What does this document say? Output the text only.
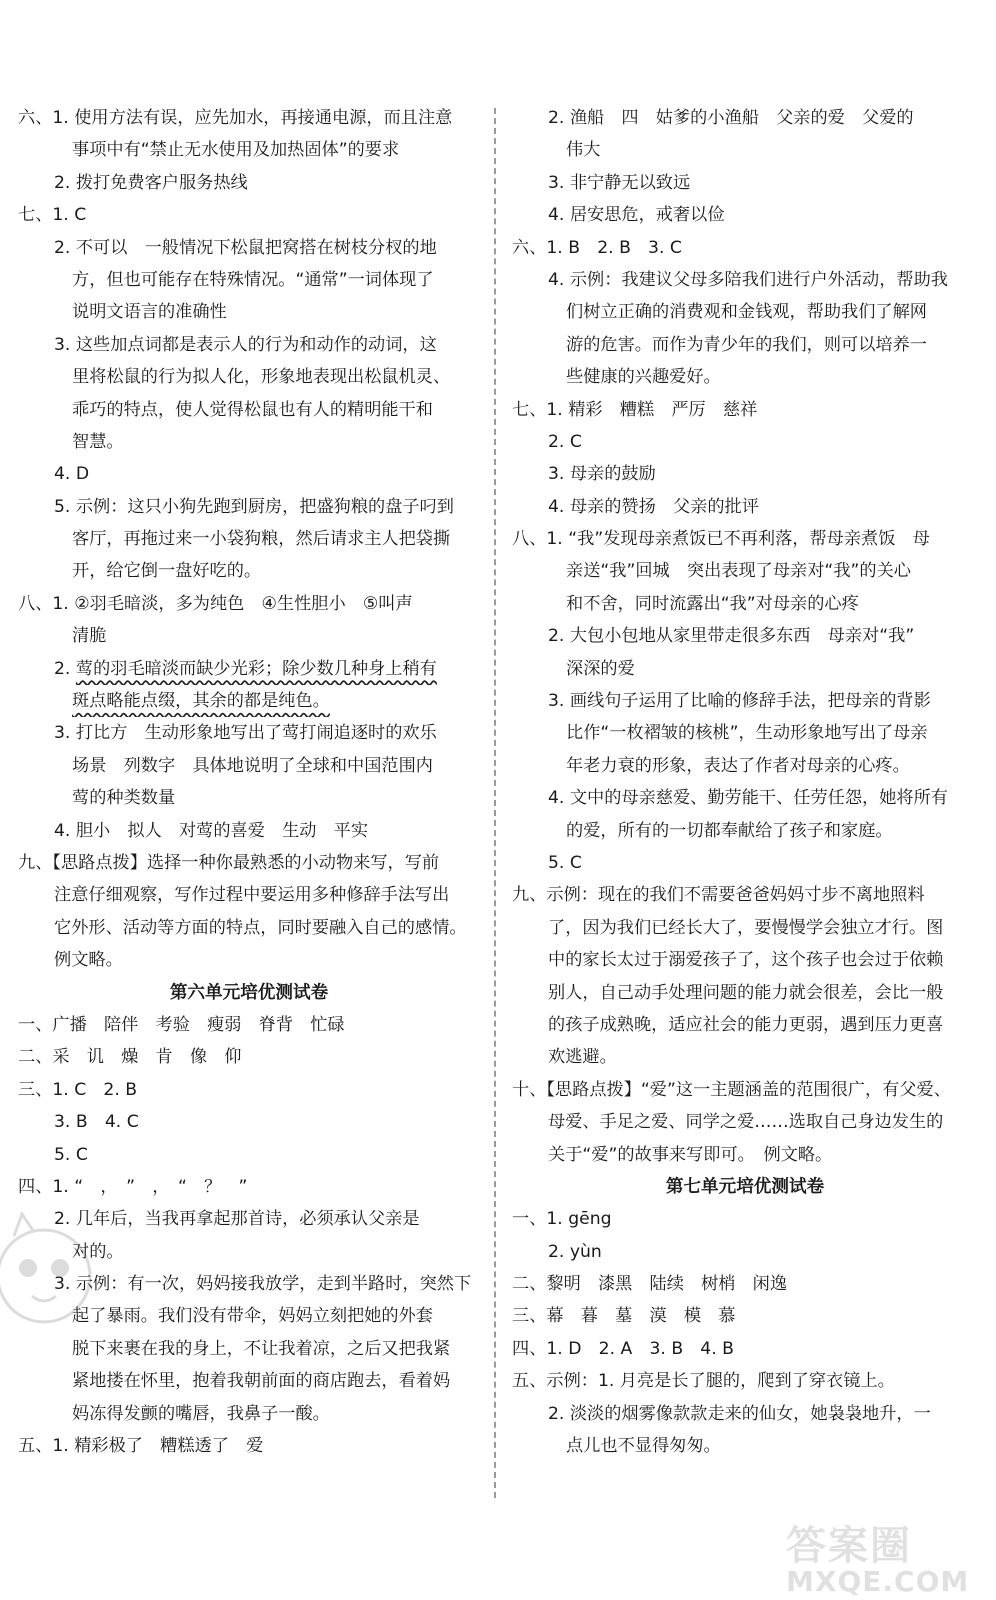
六、1. 使用方法有误，应先加水，再接通电源，而且注意
事项中有“禁止无水使用及加热固体”的要求
2. 拨打免费客户服务热线
七、1. C
2. 不可以　一般情况下松鼠把窝搭在树枝分杈的地
方，但也可能存在特殊情况。“通常”一词体现了
说明文语言的准确性
3. 这些加点词都是表示人的行为和动作的动词，这
里将松鼠的行为拟人化，形象地表现出松鼠机灵、
乖巧的特点，使人觉得松鼠也有人的精明能干和
智慧。
4. D
5. 示例：这只小狗先跑到厨房，把盛狗粮的盘子叼到
客厅，再拖过来一小袋狗粮，然后请求主人把袋撕
开，给它倒一盘好吃的。
八、1. ②羽毛暗淡，多为纯色　④生性胆小　⑤叫声
清脆
2. 莺的羽毛暗淡而缺少光彩；除少数几种身上稍有
斑点略能点缀，其余的都是纯色。
3. 打比方　生动形象地写出了莺打闹追逐时的欢乐
场景　列数字　具体地说明了全球和中国范围内
莺的种类数量
4. 胆小　拟人　对莺的喜爱　生动　平实
九、【思路点拨】选择一种你最熟悉的小动物来写，写前
注意仔细观察，写作过程中要运用多种修辞手法写出
它外形、活动等方面的特点，同时要融入自己的感情。
例文略。
第六单元培优测试卷
一、广播　陪伴　考验　瘦弱　脊背　忙碌
二、采　讥　燥　肯　像　仰
三、1. C　2. B
3. B　4. C
5. C
四、1. “　，　”　，　“　？　”
2. 几年后，当我再拿起那首诗，必须承认父亲是
对的。
3. 示例：有一次，妈妈接我放学，走到半路时，突然下
起了暴雨。我们没有带伞，妈妈立刻把她的外套
脱下来裹在我的身上，不让我着凉，之后又把我紧
紧地搂在怀里，抱着我朝前面的商店跑去，看着妈
妈冻得发颤的嘴唇，我鼻子一酸。
五、1. 精彩极了　糟糕透了　爱
2. 渔船　四　姑爹的小渔船　父亲的爱　父爱的
伟大
3. 非宁静无以致远
4. 居安思危，戒奢以俭
六、1. B　2. B　3. C
4. 示例：我建议父母多陪我们进行户外活动，帮助我
们树立正确的消费观和金钱观，帮助我们了解网
游的危害。而作为青少年的我们，则可以培养一
些健康的兴趣爱好。
七、1. 精彩　糟糕　严厉　慈祥
2. C
3. 母亲的鼓励
4. 母亲的赞扬　父亲的批评
八、1. “我”发现母亲煮饭已不再利落，帮母亲煮饭　母
亲送“我”回城　突出表现了母亲对“我”的关心
和不舍，同时流露出“我”对母亲的心疼
2. 大包小包地从家里带走很多东西　母亲对“我”
深深的爱
3. 画线句子运用了比喻的修辞手法，把母亲的背影
比作“一枚褶皱的核桃”，生动形象地写出了母亲
年老力衰的形象，表达了作者对母亲的心疼。
4. 文中的母亲慈爱、勤劳能干、任劳任怨，她将所有
的爱，所有的一切都奉献给了孩子和家庭。
5. C
九、示例：现在的我们不需要爸爸妈妈寸步不离地照料
了，因为我们已经长大了，要慢慢学会独立才行。图
中的家长太过于溺爱孩子了，这个孩子也会过于依赖
别人，自己动手处理问题的能力就会很差，会比一般
的孩子成熟晚，适应社会的能力更弱，遇到压力更喜
欢逃避。
十、【思路点拨】“爱”这一主题涵盖的范围很广，有父爱、
母爱、手足之爱、同学之爱……选取自己身边发生的
关于“爱”的故事来写即可。　例文略。
第七单元培优测试卷
一、1. gēng
2. yùn
二、黎明　漆黑　陆续　树梢　闲逸
三、幕　暮　墓　漠　模　慕
四、1. D　2. A　3. B　4. B
五、示例：1. 月亮是长了腿的，爬到了穿衣镜上。
2. 淡淡的烟雾像款款走来的仙女，她袅袅地升，一
点儿也不显得匆匆。
答案圈
MXQE.COM
